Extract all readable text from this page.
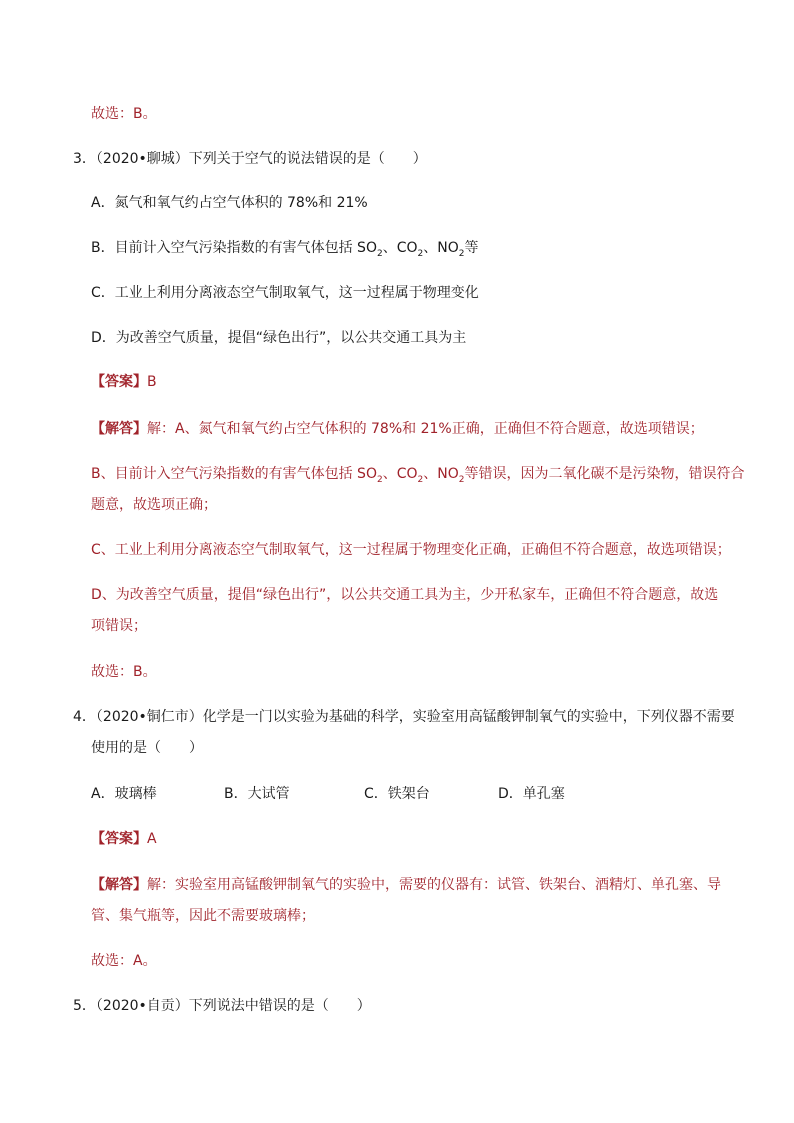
故选：B。
3．（2020•聊城）下列关于空气的说法错误的是（　　）
A．氮气和氧气约占空气体积的 78%和 21%
B．目前计入空气污染指数的有害气体包括 $SO_2$、$CO_2$、$NO_2$等
C．工业上利用分离液态空气制取氧气，这一过程属于物理变化
D．为改善空气质量，提倡“绿色出行”，以公共交通工具为主
【答案】B
【解答】解：A、氮气和氧气约占空气体积的 78%和 21%正确，正确但不符合题意，故选项错误；
B、目前计入空气污染指数的有害气体包括 $SO_2$、$CO_2$、$NO_2$等错误，因为二氧化碳不是污染物，错误符合
题意，故选项正确；
C、工业上利用分离液态空气制取氧气，这一过程属于物理变化正确，正确但不符合题意，故选项错误；
D、为改善空气质量，提倡“绿色出行”，以公共交通工具为主，少开私家车，正确但不符合题意，故选
项错误；
故选：B。
4．（2020•铜仁市）化学是一门以实验为基础的科学，实验室用高锰酸钾制氧气的实验中，下列仪器不需要
使用的是（　　）
A．玻璃棒	B．大试管	C．铁架台	D．单孔塞
【答案】A
【解答】解：实验室用高锰酸钾制氧气的实验中，需要的仪器有：试管、铁架台、酒精灯、单孔塞、导
管、集气瓶等，因此不需要玻璃棒；
故选：A。
5．（2020•自贡）下列说法中错误的是（　　）
